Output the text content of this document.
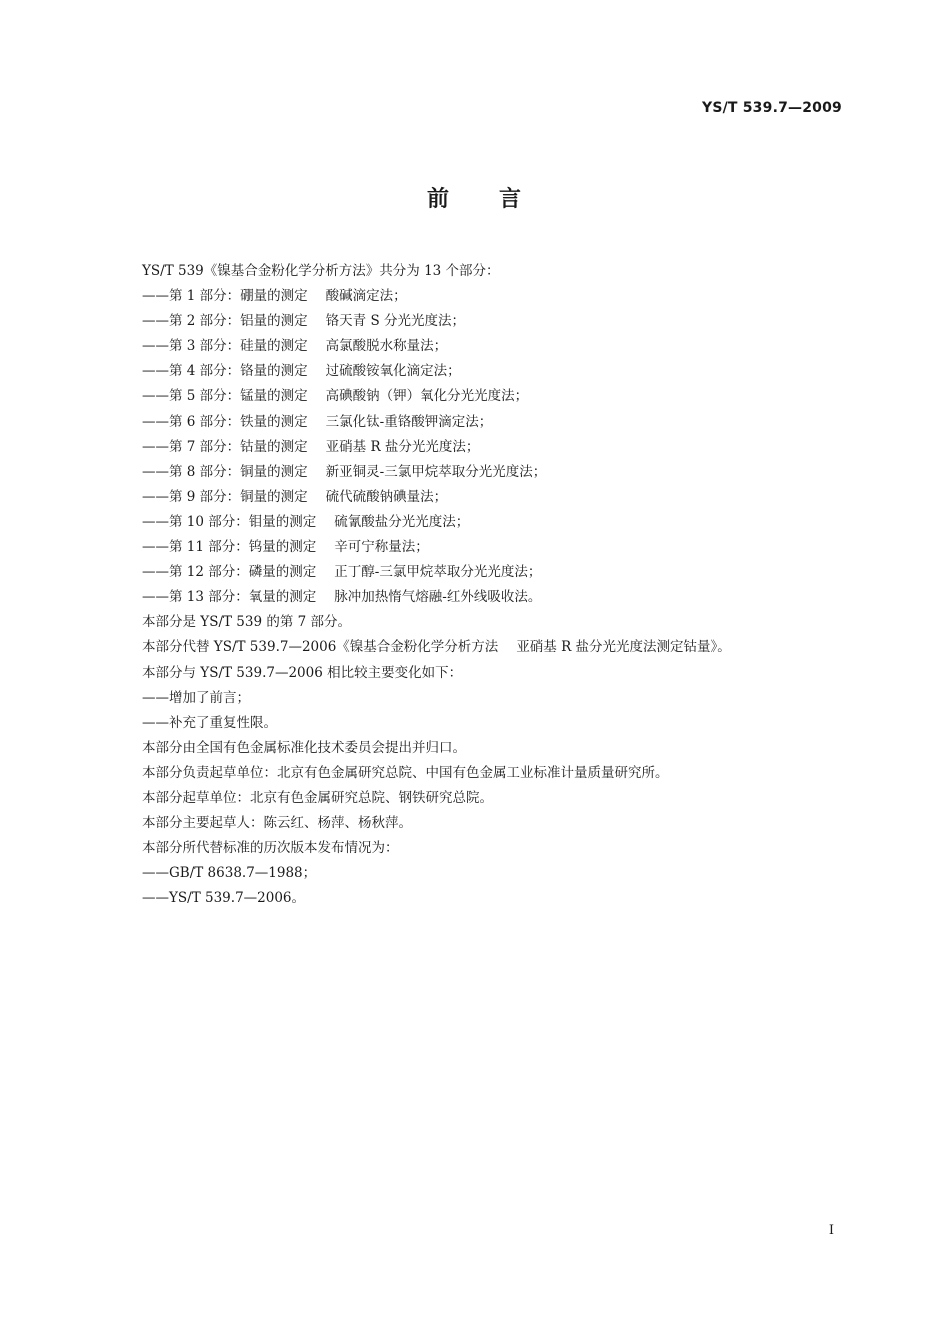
YS/T 539.7—2009
前 言
YS/T 539《镍基合金粉化学分析方法》共分为 13 个部分：
——第 1 部分：硼量的测定 酸碱滴定法；
——第 2 部分：铝量的测定 铬天青 S 分光光度法；
——第 3 部分：硅量的测定 高氯酸脱水称量法；
——第 4 部分：铬量的测定 过硫酸铵氧化滴定法；
——第 5 部分：锰量的测定 高碘酸钠（钾）氧化分光光度法；
——第 6 部分：铁量的测定 三氯化钛-重铬酸钾滴定法；
——第 7 部分：钴量的测定 亚硝基 R 盐分光光度法；
——第 8 部分：铜量的测定 新亚铜灵-三氯甲烷萃取分光光度法；
——第 9 部分：铜量的测定 硫代硫酸钠碘量法；
——第 10 部分：钼量的测定 硫氰酸盐分光光度法；
——第 11 部分：钨量的测定 辛可宁称量法；
——第 12 部分：磷量的测定 正丁醇-三氯甲烷萃取分光光度法；
——第 13 部分：氧量的测定 脉冲加热惰气熔融-红外线吸收法。
本部分是 YS/T 539 的第 7 部分。
本部分代替 YS/T 539.7—2006《镍基合金粉化学分析方法 亚硝基 R 盐分光光度法测定钴量》。
本部分与 YS/T 539.7—2006 相比较主要变化如下：
——增加了前言；
——补充了重复性限。
本部分由全国有色金属标准化技术委员会提出并归口。
本部分负责起草单位：北京有色金属研究总院、中国有色金属工业标准计量质量研究所。
本部分起草单位：北京有色金属研究总院、钢铁研究总院。
本部分主要起草人：陈云红、杨萍、杨秋萍。
本部分所代替标准的历次版本发布情况为：
——GB/T 8638.7—1988；
——YS/T 539.7—2006。
I
